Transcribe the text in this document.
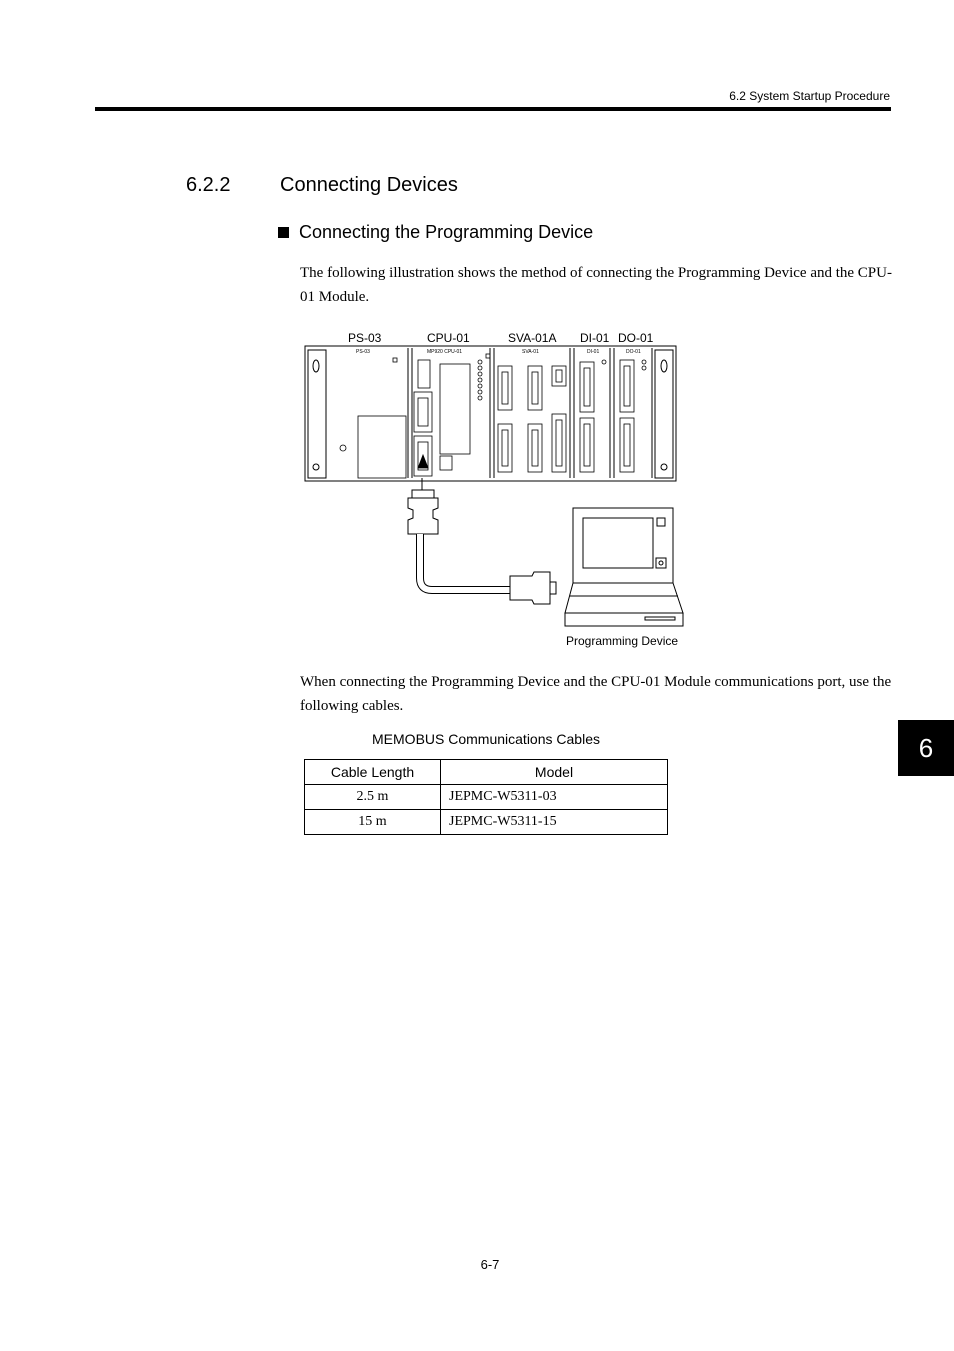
6.2 System Startup Procedure
6.2.2 Connecting Devices
Connecting the Programming Device
The following illustration shows the method of connecting the Programming Device and the CPU-01 Module.
PS-03	CPU-01	SVA-01A DI-01 DO-01
PS-03	MP920 CPU-01	SVA-01	DI-01	DO-01
Programming Device
When connecting the Programming Device and the CPU-01 Module communications port, use the following cables.
MEMOBUS Communications Cables
Cable Length	Model
2.5 m	JEPMC-W5311-03
15 m	JEPMC-W5311-15
6
6-7
